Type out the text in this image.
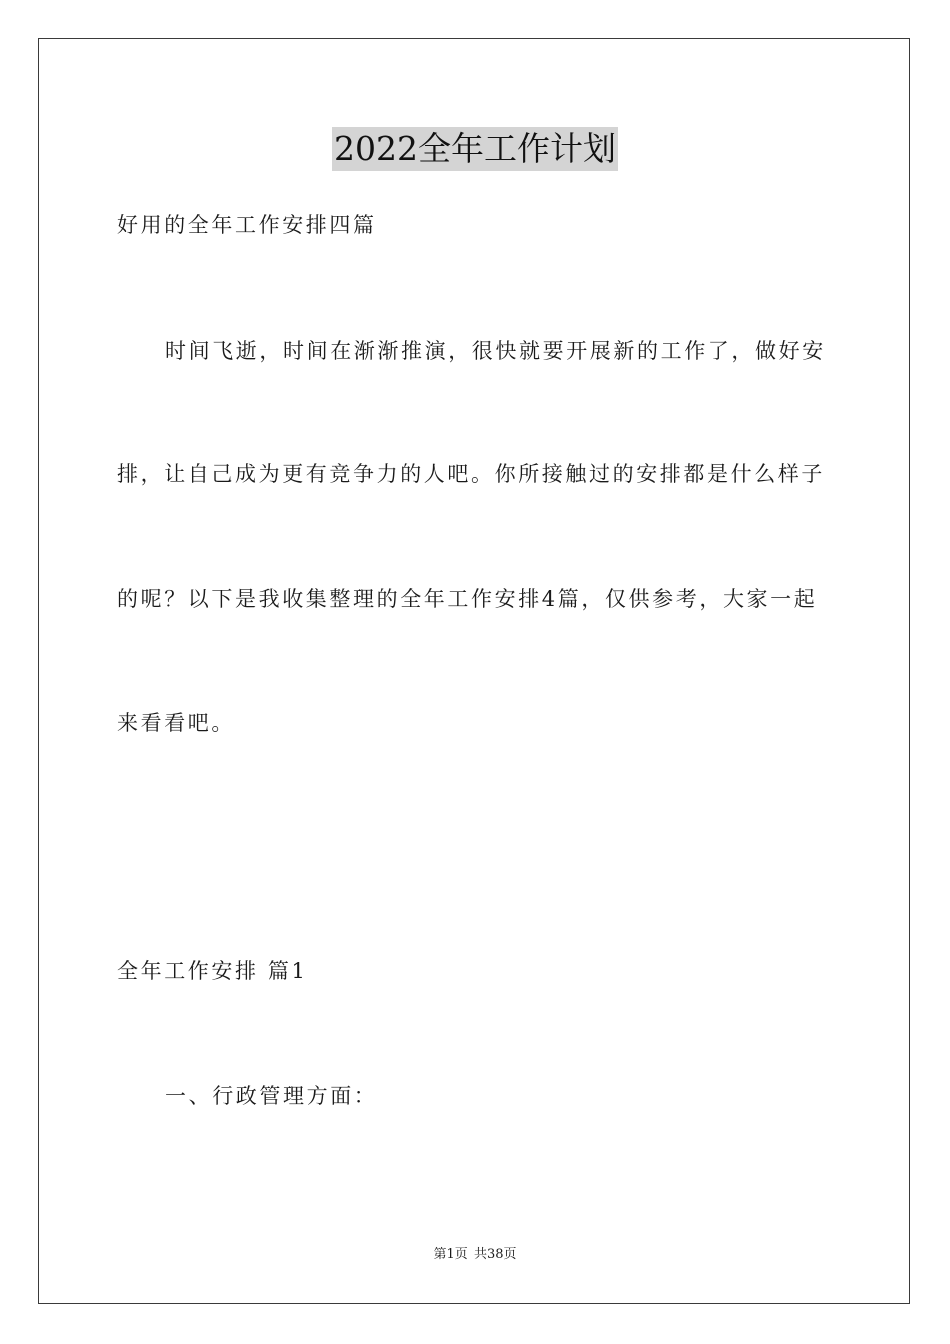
2022全年工作计划
好用的全年工作安排四篇
时间飞逝，时间在渐渐推演，很快就要开展新的工作了，做好安
排，让自己成为更有竞争力的人吧。你所接触过的安排都是什么样子
的呢？以下是我收集整理的全年工作安排4篇，仅供参考，大家一起
来看看吧。
全年工作安排 篇1
一、行政管理方面：
第1页 共38页
